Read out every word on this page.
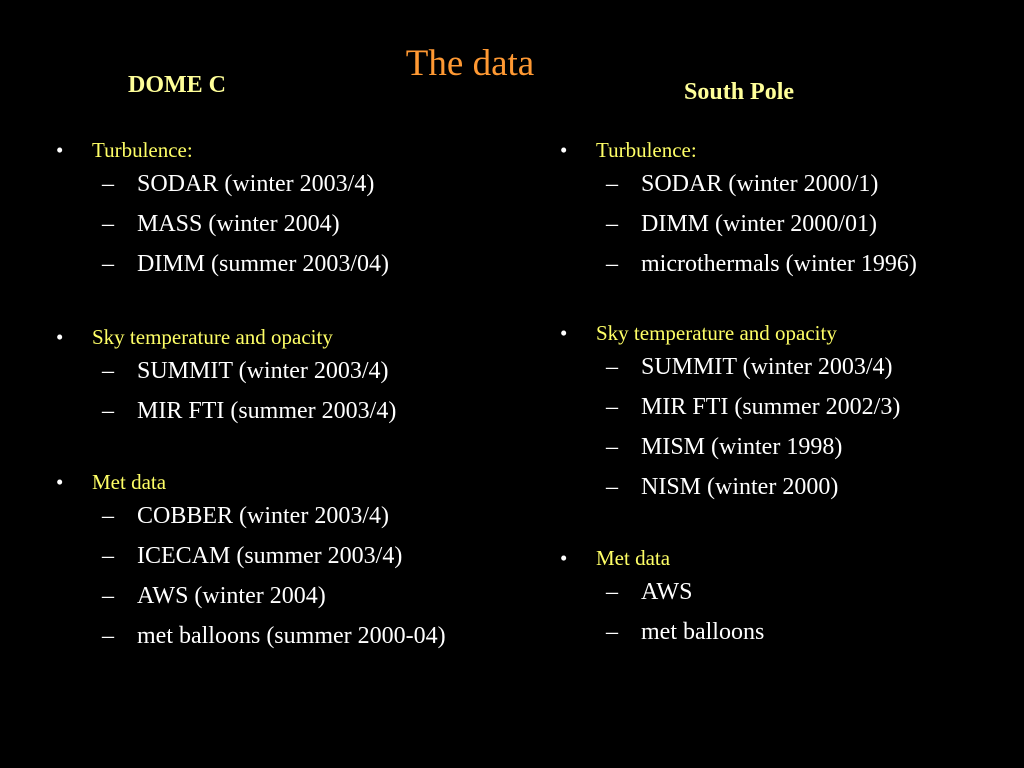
The data
DOME C	South Pole
• Turbulence:
– SODAR (winter 2003/4)
– MASS (winter 2004)
– DIMM (summer 2003/04)
• Sky temperature and opacity
– SUMMIT (winter 2003/4)
– MIR FTI (summer 2003/4)
• Met data
– COBBER (winter 2003/4)
– ICECAM (summer 2003/4)
– AWS (winter 2004)
– met balloons (summer 2000-04)
• Turbulence:
– SODAR (winter 2000/1)
– DIMM (winter 2000/01)
– microthermals (winter 1996)
• Sky temperature and opacity
– SUMMIT (winter 2003/4)
– MIR FTI (summer 2002/3)
– MISM (winter 1998)
– NISM (winter 2000)
• Met data
– AWS
– met balloons
